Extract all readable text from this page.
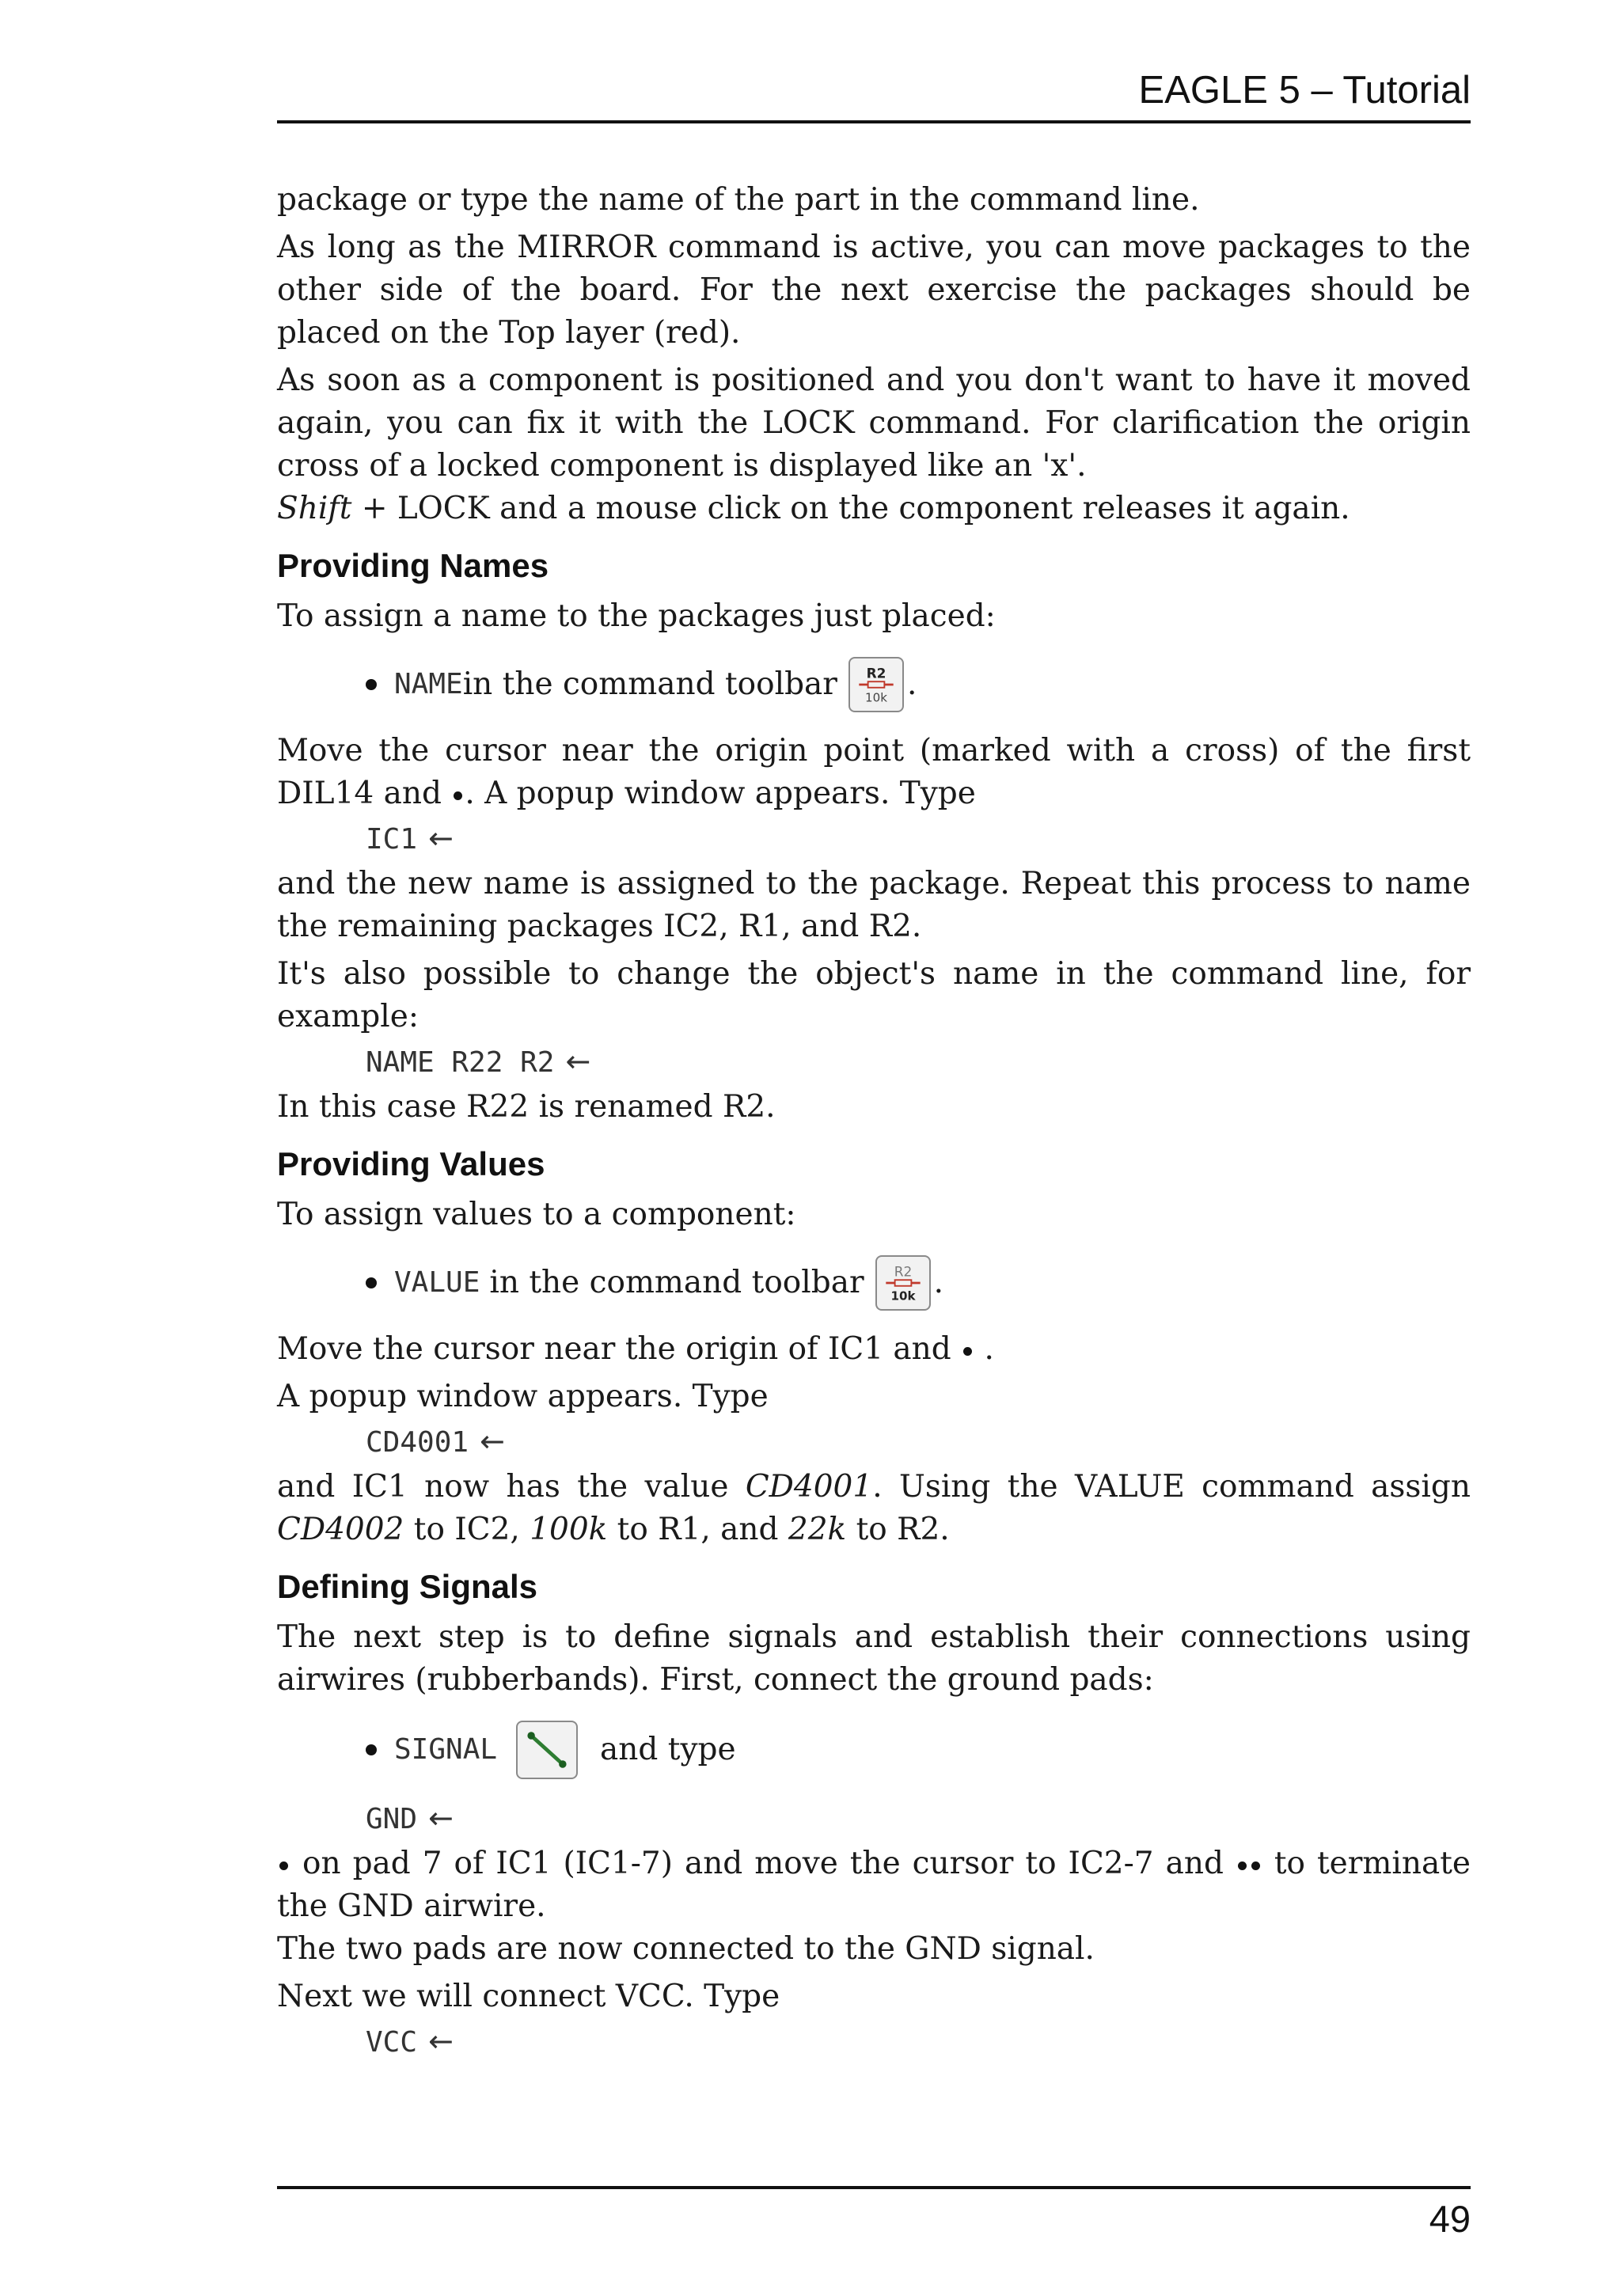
EAGLE 5 – Tutorial

package or type the name of the part in the command line.

As long as the MIRROR command is active, you can move packages to the other side of the board. For the next exercise the packages should be placed on the Top layer (red).

As soon as a component is positioned and you don't want to have it moved again, you can fix it with the LOCK command. For clarification the origin cross of a locked component is displayed like an 'x'.

Shift + LOCK and a mouse click on the component releases it again.

Providing Names

To assign a name to the packages just placed:

NAME in the command toolbar R2
10k .

Move the cursor near the origin point (marked with a cross) of the first DIL14 and . A popup window appears. Type

IC1 ←

and the new name is assigned to the package. Repeat this process to name the remaining packages IC2, R1, and R2.

It's also possible to change the object's name in the command line, for example:

NAME R22 R2 ←

In this case R22 is renamed R2.

Providing Values

To assign values to a component:

VALUE in the command toolbar R2
10k .

Move the cursor near the origin of IC1 and  .

A popup window appears. Type

CD4001 ←

and IC1 now has the value CD4001. Using the VALUE command assign CD4002 to IC2, 100k to R1, and 22k to R2.

Defining Signals

The next step is to define signals and establish their connections using airwires (rubberbands). First, connect the ground pads:

SIGNAL	and type
GND ←

on pad 7 of IC1 (IC1-7) and move the cursor to IC2-7 and  to terminate the GND airwire.

The two pads are now connected to the GND signal.

Next we will connect VCC. Type

VCC ←
49
